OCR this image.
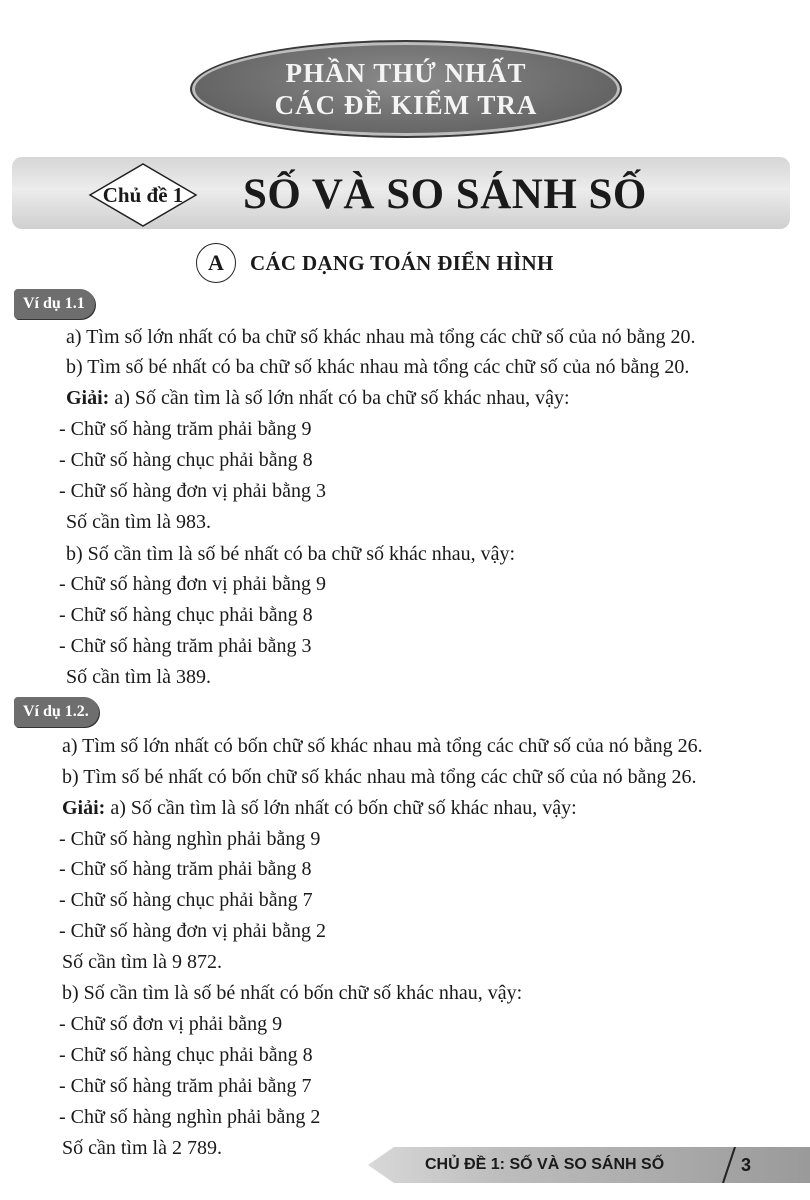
PHẦN THỨ NHẤT
CÁC ĐỀ KIỂM TRA
Chủ đề 1	SỐ VÀ SO SÁNH SỐ
A CÁC DẠNG TOÁN ĐIỂN HÌNH
Ví dụ 1.1
a) Tìm số lớn nhất có ba chữ số khác nhau mà tổng các chữ số của nó bằng 20.
b) Tìm số bé nhất có ba chữ số khác nhau mà tổng các chữ số của nó bằng 20.
Giải: a) Số cần tìm là số lớn nhất có ba chữ số khác nhau, vậy:
- Chữ số hàng trăm phải bằng 9
- Chữ số hàng chục phải bằng 8
- Chữ số hàng đơn vị phải bằng 3
Số cần tìm là 983.
b) Số cần tìm là số bé nhất có ba chữ số khác nhau, vậy:
- Chữ số hàng đơn vị phải bằng 9
- Chữ số hàng chục phải bằng 8
- Chữ số hàng trăm phải bằng 3
Số cần tìm là 389.
Ví dụ 1.2.
a) Tìm số lớn nhất có bốn chữ số khác nhau mà tổng các chữ số của nó bằng 26.
b) Tìm số bé nhất có bốn chữ số khác nhau mà tổng các chữ số của nó bằng 26.
Giải: a) Số cần tìm là số lớn nhất có bốn chữ số khác nhau, vậy:
- Chữ số hàng nghìn phải bằng 9
- Chữ số hàng trăm phải bằng 8
- Chữ số hàng chục phải bằng 7
- Chữ số hàng đơn vị phải bằng 2
Số cần tìm là 9 872.
b) Số cần tìm là số bé nhất có bốn chữ số khác nhau, vậy:
- Chữ số đơn vị phải bằng 9
- Chữ số hàng chục phải bằng 8
- Chữ số hàng trăm phải bằng 7
- Chữ số hàng nghìn phải bằng 2
Số cần tìm là 2 789.
CHỦ ĐỀ 1: SỐ VÀ SO SÁNH SỐ	3
